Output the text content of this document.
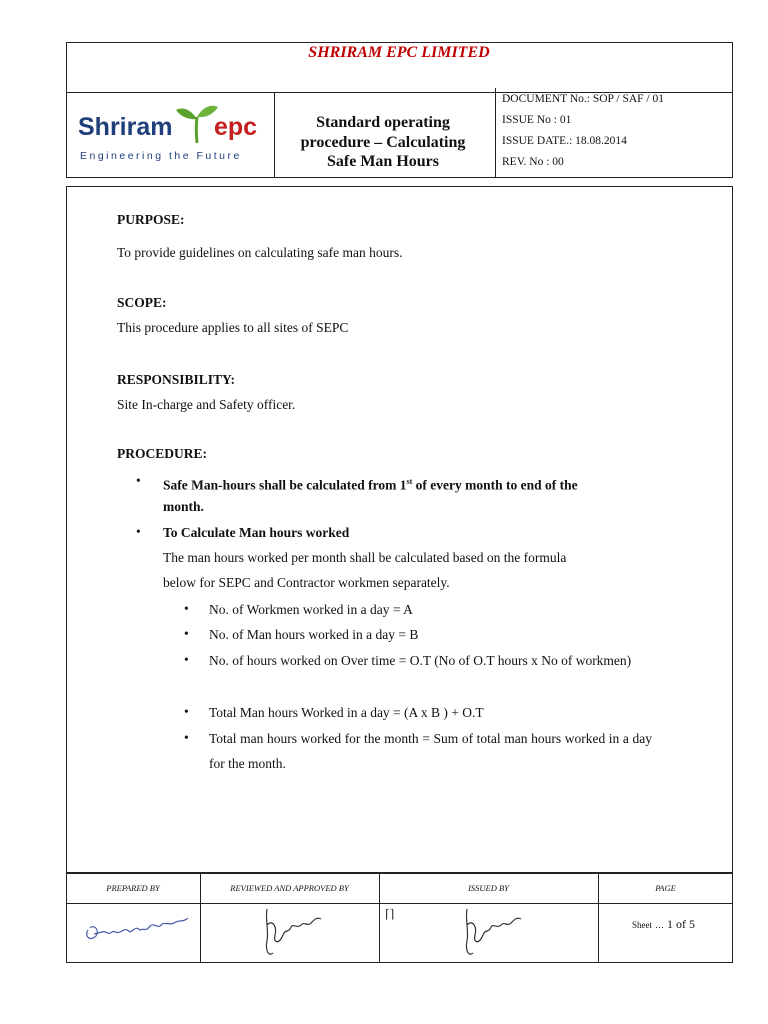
SHRIRAM EPC LIMITED
Shriram epc
Engineering the Future
Standard operating
procedure – Calculating
Safe Man Hours
DOCUMENT No.: SOP / SAF / 01
ISSUE No : 01
ISSUE DATE.: 18.08.2014
REV. No : 00
PURPOSE:
To provide guidelines on calculating safe man hours.
SCOPE:
This procedure applies to all sites of SEPC
RESPONSIBILITY:
Site In-charge and Safety officer.
PROCEDURE:
• Safe Man-hours shall be calculated from 1st of every month to end of the
month.
• To Calculate Man hours worked
The man hours worked per month shall be calculated based on the formula
below for SEPC and Contractor workmen separately.
• No. of Workmen worked in a day = A
• No. of Man hours worked in a day = B
• No. of hours worked on Over time = O.T (No of O.T hours x No of workmen)
• Total Man hours Worked in a day = (A x B ) + O.T
• Total man hours worked for the month = Sum of total man hours worked in a day for the month.
PREPARED BY	REVIEWED AND APPROVED BY	ISSUED BY	PAGE
⌈⌉
Sheet … 1 of 5
